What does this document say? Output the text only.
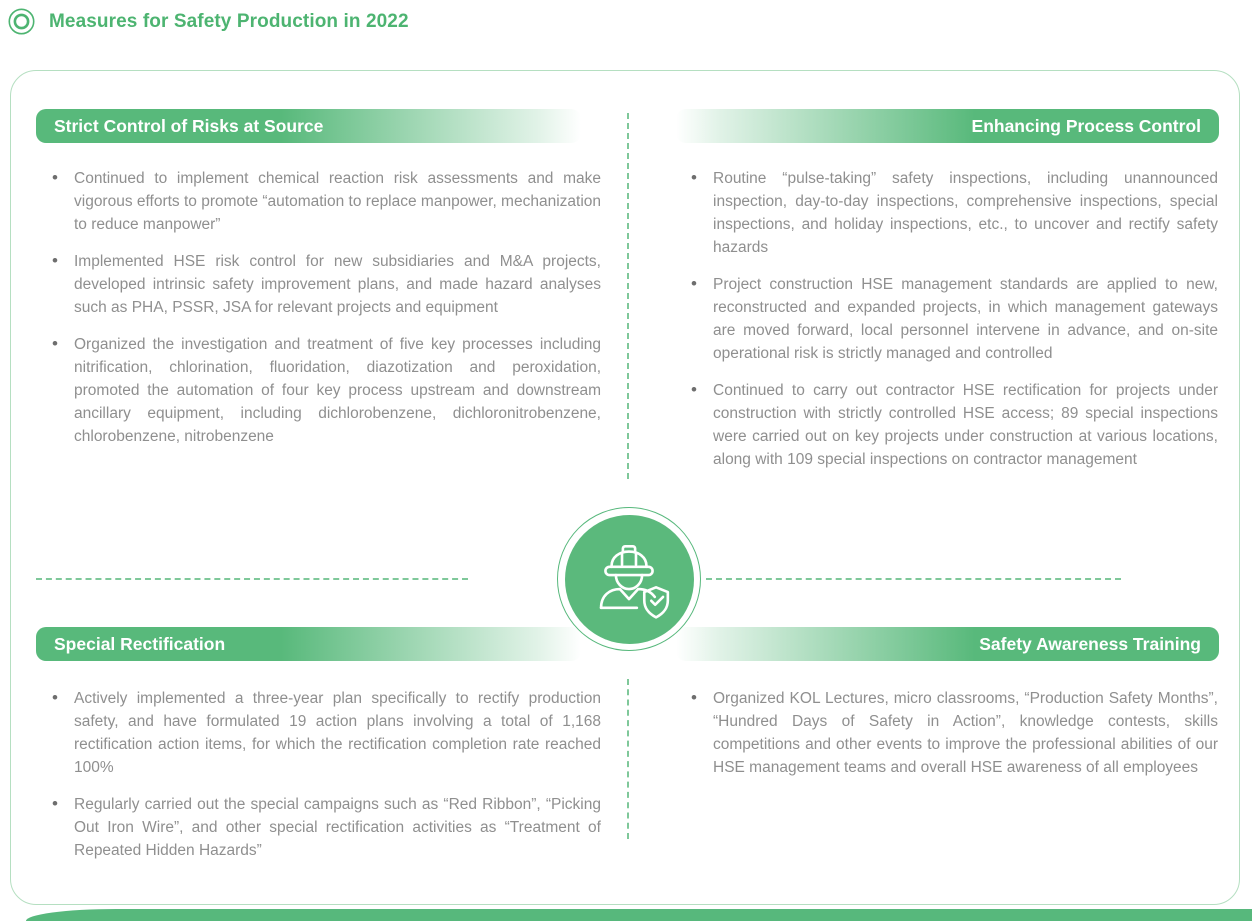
Measures for Safety Production in 2022
Strict Control of Risks at Source	Enhancing Process Control
Special Rectification	Safety Awareness Training
• Continued to implement chemical reaction risk assessments and make vigorous efforts to promote “automation to replace manpower, mechanization to reduce manpower”
• Implemented HSE risk control for new subsidiaries and M&A projects, developed intrinsic safety improvement plans, and made hazard analyses such as PHA, PSSR, JSA for relevant projects and equipment
• Organized the investigation and treatment of five key processes including nitrification, chlorination, fluoridation, diazotization and peroxidation, promoted the automation of four key process upstream and downstream ancillary equipment, including dichlorobenzene, dichloronitrobenzene, chlorobenzene, nitrobenzene
• Routine “pulse-taking” safety inspections, including unannounced inspection, day-to-day inspections, comprehensive inspections, special inspections, and holiday inspections, etc., to uncover and rectify safety hazards
• Project construction HSE management standards are applied to new, reconstructed and expanded projects, in which management gateways are moved forward, local personnel intervene in advance, and on-site operational risk is strictly managed and controlled
• Continued to carry out contractor HSE rectification for projects under construction with strictly controlled HSE access; 89 special inspections were carried out on key projects under construction at various locations, along with 109 special inspections on contractor management
• Actively implemented a three-year plan specifically to rectify production safety, and have formulated 19 action plans involving a total of 1,168 rectification action items, for which the rectification completion rate reached 100%
• Regularly carried out the special campaigns such as “Red Ribbon”, “Picking Out Iron Wire”, and other special rectification activities as “Treatment of Repeated Hidden Hazards”
• Organized KOL Lectures, micro classrooms, “Production Safety Months”, “Hundred Days of Safety in Action”, knowledge contests, skills competitions and other events to improve the professional abilities of our HSE management teams and overall HSE awareness of all employees
